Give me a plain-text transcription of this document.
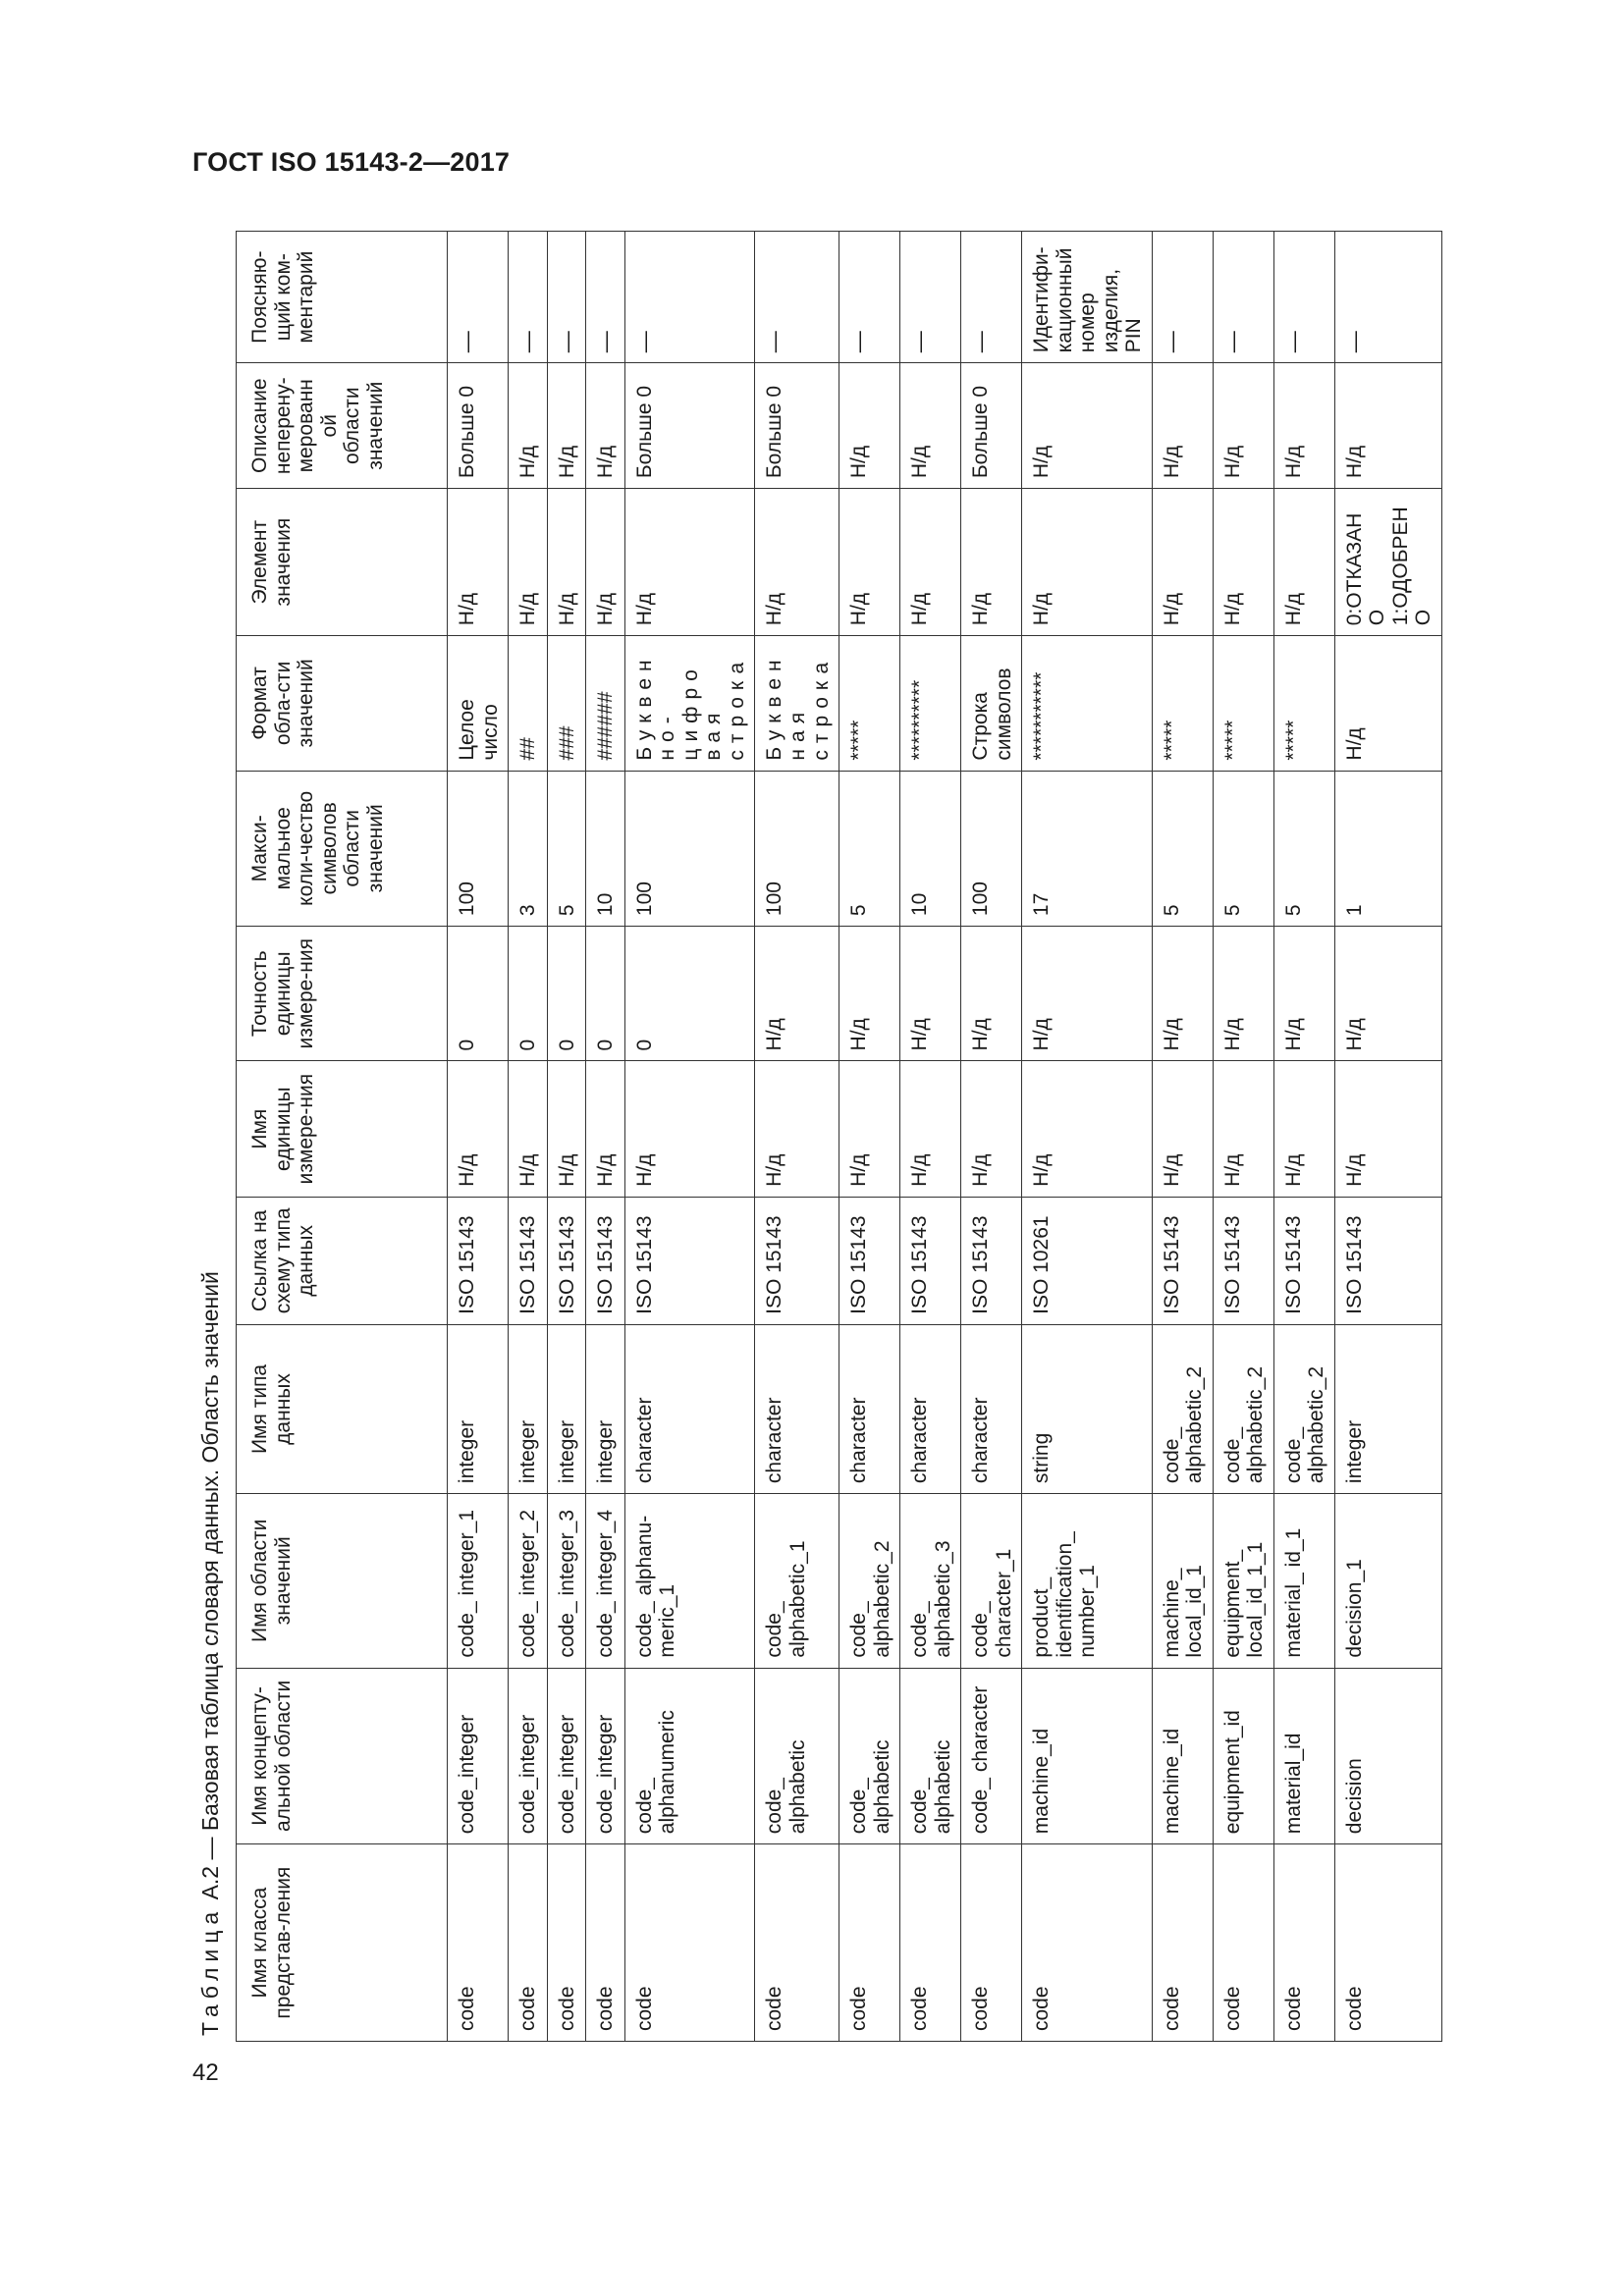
ГОСТ ISO 15143-2—2017
42
Таблица А.2 — Базовая таблица словаря данных. Область значений
Имя класса представ-ления	Имя концепту-альной области	Имя области значений	Имя типа данных	Ссылка на схему типа данных	Имя единицы измере-ния	Точность единицы измере-ния	Макси-мальное коли-чество символов области значений	Формат обла-сти значений	Элемент значения	Описание неперену-мерованной области значений	Поясняю-щий ком-ментарий
code	code_integer	code_ integer_1	integer	ISO 15143	Н/д	0	100	Целое число	Н/д	Больше 0	—
code	code_integer	code_ integer_2	integer	ISO 15143	Н/д	0	3	##	Н/д	Н/д	—
code	code_integer	code_ integer_3	integer	ISO 15143	Н/д	0	5	###	Н/д	Н/д	—
code	code_integer	code_ integer_4	integer	ISO 15143	Н/д	0	10	######	Н/д	Н/д	—
code	code_ alphanumeric	code_ alphanu-meric_1	character	ISO 15143	Н/д	0	100	Буквенно-цифровая строка	Н/д	Больше 0	—
code	code_ alphabetic	code_ alphabetic_1	character	ISO 15143	Н/д	Н/д	100	Буквенная строка	Н/д	Больше 0	—
code	code_ alphabetic	code_ alphabetic_2	character	ISO 15143	Н/д	Н/д	5	*****	Н/д	Н/д	—
code	code_ alphabetic	code_ alphabetic_3	character	ISO 15143	Н/д	Н/д	10	**********	Н/д	Н/д	—
code	code_ character	code_ character_1	character	ISO 15143	Н/д	Н/д	100	Строка символов	Н/д	Больше 0	—
code	machine_id	product_ identification_ number_1	string	ISO 10261	Н/д	Н/д	17	***********	Н/д	Н/д	Идентифи-кационный номер изделия, PIN
code	machine_id	machine_ local_id_1	code_ alphabetic_2	ISO 15143	Н/д	Н/д	5	*****	Н/д	Н/д	—
code	equipment_id	equipment_ local_id_1_1	code_ alphabetic_2	ISO 15143	Н/д	Н/д	5	*****	Н/д	Н/д	—
code	material_id	material_ id_1	code_ alphabetic_2	ISO 15143	Н/д	Н/д	5	*****	Н/д	Н/д	—
code	decision	decision_1	integer	ISO 15143	Н/д	Н/д	1	Н/д	0:ОТКАЗАНО 1:ОДОБРЕНО	Н/д	—
